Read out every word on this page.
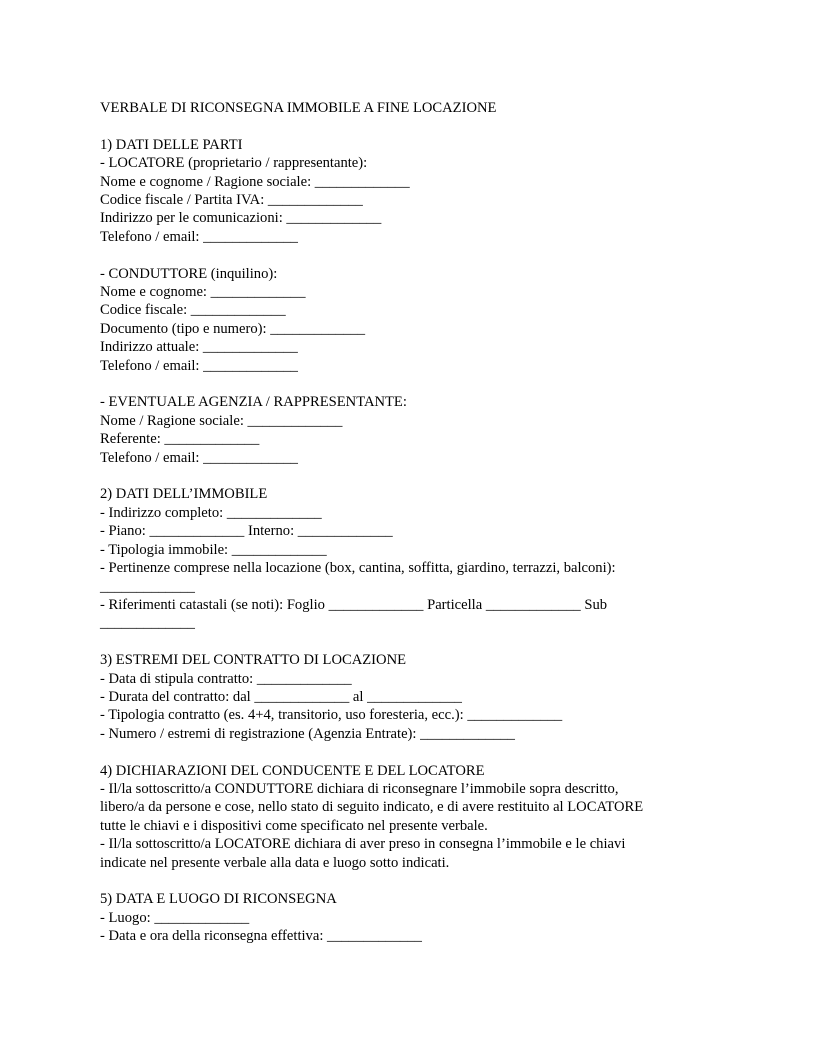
VERBALE DI RICONSEGNA IMMOBILE A FINE LOCAZIONE
1) DATI DELLE PARTI
- LOCATORE (proprietario / rappresentante):
Nome e cognome / Ragione sociale: _____________
Codice fiscale / Partita IVA: _____________
Indirizzo per le comunicazioni: _____________
Telefono / email: _____________
- CONDUTTORE (inquilino):
Nome e cognome: _____________
Codice fiscale: _____________
Documento (tipo e numero): _____________
Indirizzo attuale: _____________
Telefono / email: _____________
- EVENTUALE AGENZIA / RAPPRESENTANTE:
Nome / Ragione sociale: _____________
Referente: _____________
Telefono / email: _____________
2) DATI DELL’IMMOBILE
- Indirizzo completo: _____________
- Piano: _____________ Interno: _____________
- Tipologia immobile: _____________
- Pertinenze comprese nella locazione (box, cantina, soffitta, giardino, terrazzi, balconi):
_____________
- Riferimenti catastali (se noti): Foglio _____________ Particella _____________ Sub
_____________
3) ESTREMI DEL CONTRATTO DI LOCAZIONE
- Data di stipula contratto: _____________
- Durata del contratto: dal _____________ al _____________
- Tipologia contratto (es. 4+4, transitorio, uso foresteria, ecc.): _____________
- Numero / estremi di registrazione (Agenzia Entrate): _____________
4) DICHIARAZIONI DEL CONDUCENTE E DEL LOCATORE
- Il/la sottoscritto/a CONDUTTORE dichiara di riconsegnare l’immobile sopra descritto,
libero/a da persone e cose, nello stato di seguito indicato, e di avere restituito al LOCATORE
tutte le chiavi e i dispositivi come specificato nel presente verbale.
- Il/la sottoscritto/a LOCATORE dichiara di aver preso in consegna l’immobile e le chiavi
indicate nel presente verbale alla data e luogo sotto indicati.
5) DATA E LUOGO DI RICONSEGNA
- Luogo: _____________
- Data e ora della riconsegna effettiva: _____________
